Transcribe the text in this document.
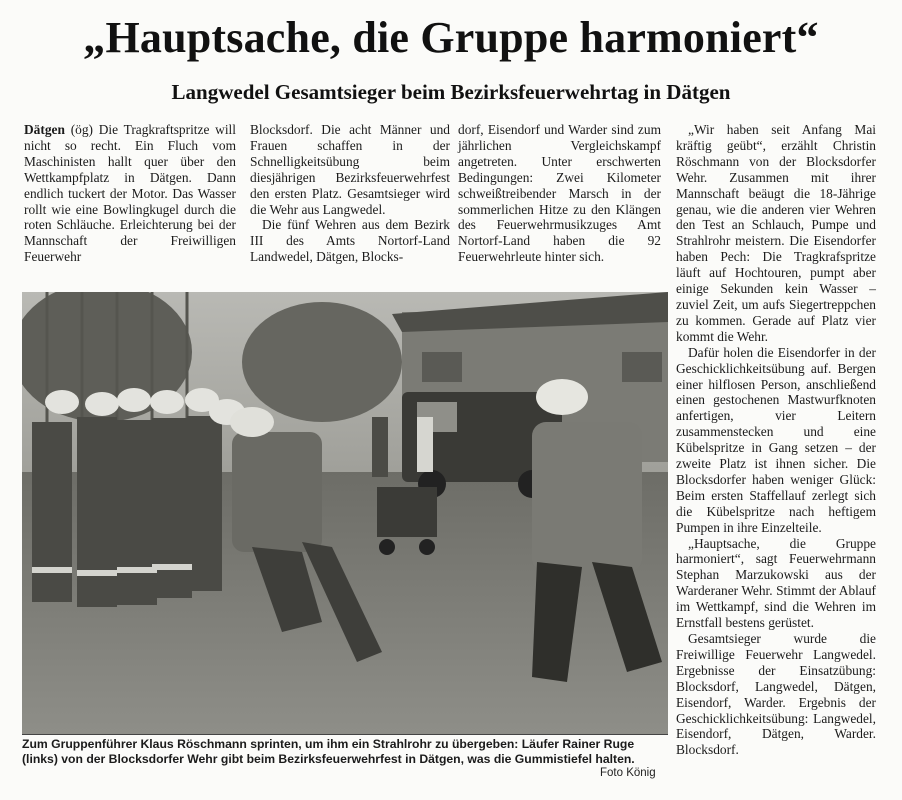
„Hauptsache, die Gruppe harmoniert“
Langwedel Gesamtsieger beim Bezirksfeuerwehrtag in Dätgen

Dätgen (ög) Die Tragkraftspritze will nicht so recht. Ein Fluch vom Maschinisten hallt quer über den Wettkampfplatz in Dätgen. Dann endlich tuckert der Motor. Das Wasser rollt wie eine Bowlingkugel durch die roten Schläuche. Erleichterung bei der Mannschaft der Freiwilligen Feuerwehr

Blocksdorf. Die acht Männer und Frauen schaffen in der Schnelligkeitsübung beim diesjährigen Bezirksfeuerwehrfest den ersten Platz. Gesamtsieger wird die Wehr aus Langwedel.

Die fünf Wehren aus dem Bezirk III des Amts Nortorf-Land Landwedel, Dätgen, Blocks-

dorf, Eisendorf und Warder sind zum jährlichen Vergleichskampf angetreten. Unter erschwerten Bedingungen: Zwei Kilometer schweißtreibender Marsch in der sommerlichen Hitze zu den Klängen des Feuerwehrmusikzuges Amt Nortorf-Land haben die 92 Feuerwehrleute hinter sich.

„Wir haben seit Anfang Mai kräftig geübt“, erzählt Christin Röschmann von der Blocksdorfer Wehr. Zusammen mit ihrer Mannschaft beäugt die 18-Jährige genau, wie die anderen vier Wehren den Test an Schlauch, Pumpe und Strahlrohr meistern. Die Eisendorfer haben Pech: Die Tragkrafspritze läuft auf Hochtouren, pumpt aber einige Sekunden kein Wasser – zuviel Zeit, um aufs Siegertreppchen zu kommen. Gerade auf Platz vier kommt die Wehr.

Dafür holen die Eisendorfer in der Geschicklichkeitsübung auf. Bergen einer hilflosen Person, anschließend einen gestochenen Mastwurfknoten anfertigen, vier Leitern zusammenstecken und eine Kübelspritze in Gang setzen – der zweite Platz ist ihnen sicher. Die Blocksdorfer haben weniger Glück: Beim ersten Staffellauf zerlegt sich die Kübelspritze nach heftigem Pumpen in ihre Einzelteile.

„Hauptsache, die Gruppe harmoniert“, sagt Feuerwehrmann Stephan Marzukowski aus der Warderaner Wehr. Stimmt der Ablauf im Wettkampf, sind die Wehren im Ernstfall bestens gerüstet.

Gesamtsieger wurde die Freiwillige Feuerwehr Langwedel. Ergebnisse der Einsatzübung: Blocksdorf, Langwedel, Dätgen, Eisendorf, Warder. Ergebnis der Geschicklichkeitsübung: Langwedel, Eisendorf, Dätgen, Warder. Blocksdorf.

Zum Gruppenführer Klaus Röschmann sprinten, um ihm ein Strahlrohr zu übergeben: Läufer Rainer Ruge (links) von der Blocksdorfer Wehr gibt beim Bezirksfeuerwehrfest in Dätgen, was die Gummistiefel halten.
Foto König
